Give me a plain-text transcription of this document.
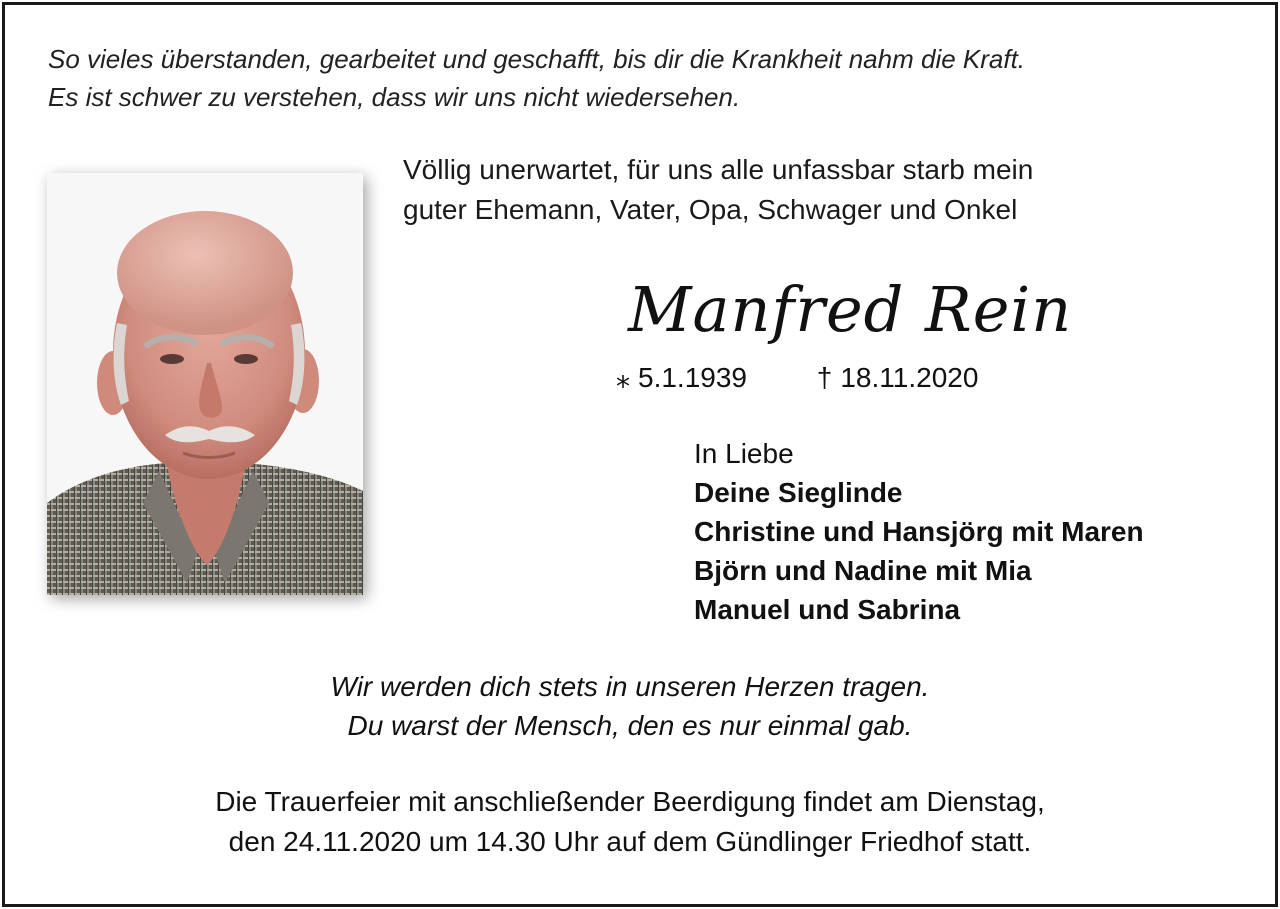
So vieles überstanden, gearbeitet und geschafft, bis dir die Krankheit nahm die Kraft.
Es ist schwer zu verstehen, dass wir uns nicht wiedersehen.
Völlig unerwartet, für uns alle unfassbar starb mein
guter Ehemann, Vater, Opa, Schwager und Onkel
Manfred Rein
⁎ 5.1.1939 † 18.11.2020
In Liebe
Deine Sieglinde
Christine und Hansjörg mit Maren
Björn und Nadine mit Mia
Manuel und Sabrina
Wir werden dich stets in unseren Herzen tragen.
Du warst der Mensch, den es nur einmal gab.
Die Trauerfeier mit anschließender Beerdigung findet am Dienstag,
den 24.11.2020 um 14.30 Uhr auf dem Gündlinger Friedhof statt.
